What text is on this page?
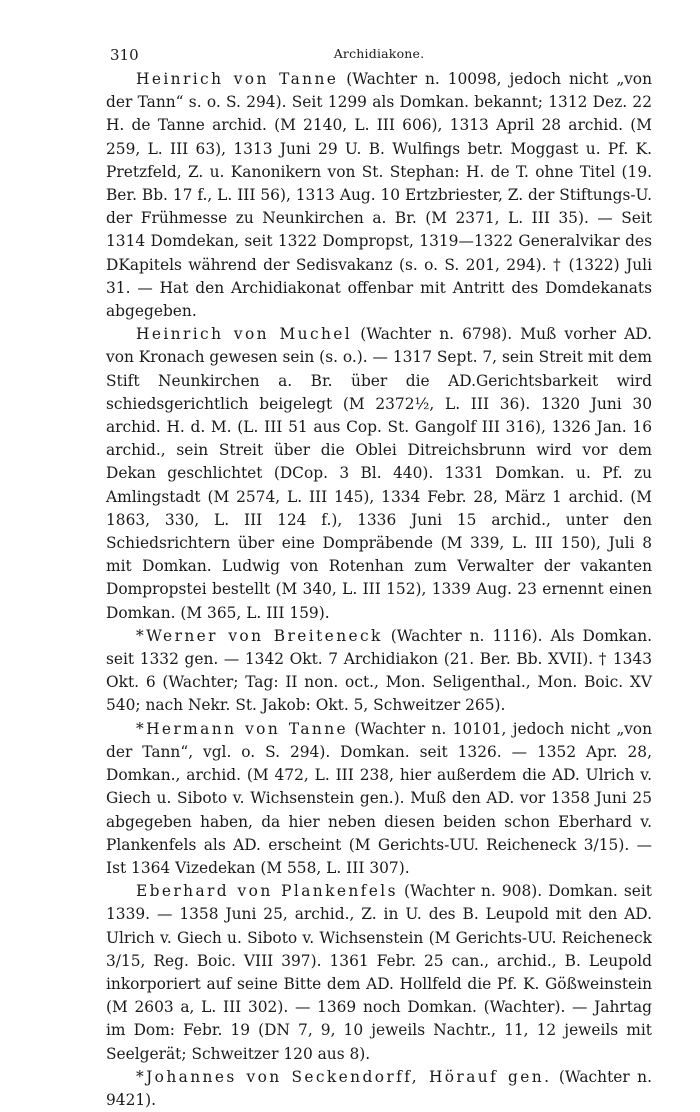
310	Archidiakone.

Heinrich von Tanne (Wachter n. 10098, jedoch nicht „von der Tann“ s. o. S. 294). Seit 1299 als Domkan. bekannt; 1312 Dez. 22 H. de Tanne archid. (M 2140, L. III 606), 1313 April 28 archid. (M 259, L. III 63), 1313 Juni 29 U. B. Wulfings betr. Moggast u. Pf. K. Pretzfeld, Z. u. Kanonikern von St. Stephan: H. de T. ohne Titel (19. Ber. Bb. 17 f., L. III 56), 1313 Aug. 10 Ertzbriester, Z. der Stiftungs-U. der Frühmesse zu Neunkirchen a. Br. (M 2371, L. III 35). — Seit 1314 Domdekan, seit 1322 Dompropst, 1319—1322 Generalvikar des DKapitels während der Sedisvakanz (s. o. S. 201, 294). † (1322) Juli 31. — Hat den Archidiakonat offenbar mit Antritt des Domdekanats abgegeben.

Heinrich von Muchel (Wachter n. 6798). Muß vorher AD. von Kronach gewesen sein (s. o.). — 1317 Sept. 7, sein Streit mit dem Stift Neunkirchen a. Br. über die AD.Gerichtsbarkeit wird schiedsgerichtlich beigelegt (M 2372½, L. III 36). 1320 Juni 30 archid. H. d. M. (L. III 51 aus Cop. St. Gangolf III 316), 1326 Jan. 16 archid., sein Streit über die Oblei Ditreichsbrunn wird vor dem Dekan geschlichtet (DCop. 3 Bl. 440). 1331 Domkan. u. Pf. zu Amlingstadt (M 2574, L. III 145), 1334 Febr. 28, März 1 archid. (M 1863, 330, L. III 124 f.), 1336 Juni 15 archid., unter den Schiedsrichtern über eine Dompräbende (M 339, L. III 150), Juli 8 mit Domkan. Ludwig von Rotenhan zum Verwalter der vakanten Dompropstei bestellt (M 340, L. III 152), 1339 Aug. 23 ernennt einen Domkan. (M 365, L. III 159).

*Werner von Breiteneck (Wachter n. 1116). Als Domkan. seit 1332 gen. — 1342 Okt. 7 Archidiakon (21. Ber. Bb. XVII). † 1343 Okt. 6 (Wachter; Tag: II non. oct., Mon. Seligenthal., Mon. Boic. XV 540; nach Nekr. St. Jakob: Okt. 5, Schweitzer 265).

*Hermann von Tanne (Wachter n. 10101, jedoch nicht „von der Tann“, vgl. o. S. 294). Domkan. seit 1326. — 1352 Apr. 28, Domkan., archid. (M 472, L. III 238, hier außerdem die AD. Ulrich v. Giech u. Siboto v. Wichsenstein gen.). Muß den AD. vor 1358 Juni 25 abgegeben haben, da hier neben diesen beiden schon Eberhard v. Plankenfels als AD. erscheint (M Gerichts-UU. Reicheneck 3/15). — Ist 1364 Vizedekan (M 558, L. III 307).

Eberhard von Plankenfels (Wachter n. 908). Domkan. seit 1339. — 1358 Juni 25, archid., Z. in U. des B. Leupold mit den AD. Ulrich v. Giech u. Siboto v. Wichsenstein (M Gerichts-UU. Reicheneck 3/15, Reg. Boic. VIII 397). 1361 Febr. 25 can., archid., B. Leupold inkorporiert auf seine Bitte dem AD. Hollfeld die Pf. K. Gößweinstein (M 2603 a, L. III 302). — 1369 noch Domkan. (Wachter). — Jahrtag im Dom: Febr. 19 (DN 7, 9, 10 jeweils Nachtr., 11, 12 jeweils mit Seelgerät; Schweitzer 120 aus 8).

*Johannes von Seckendorff, Hörauf gen. (Wachter n. 9421).
